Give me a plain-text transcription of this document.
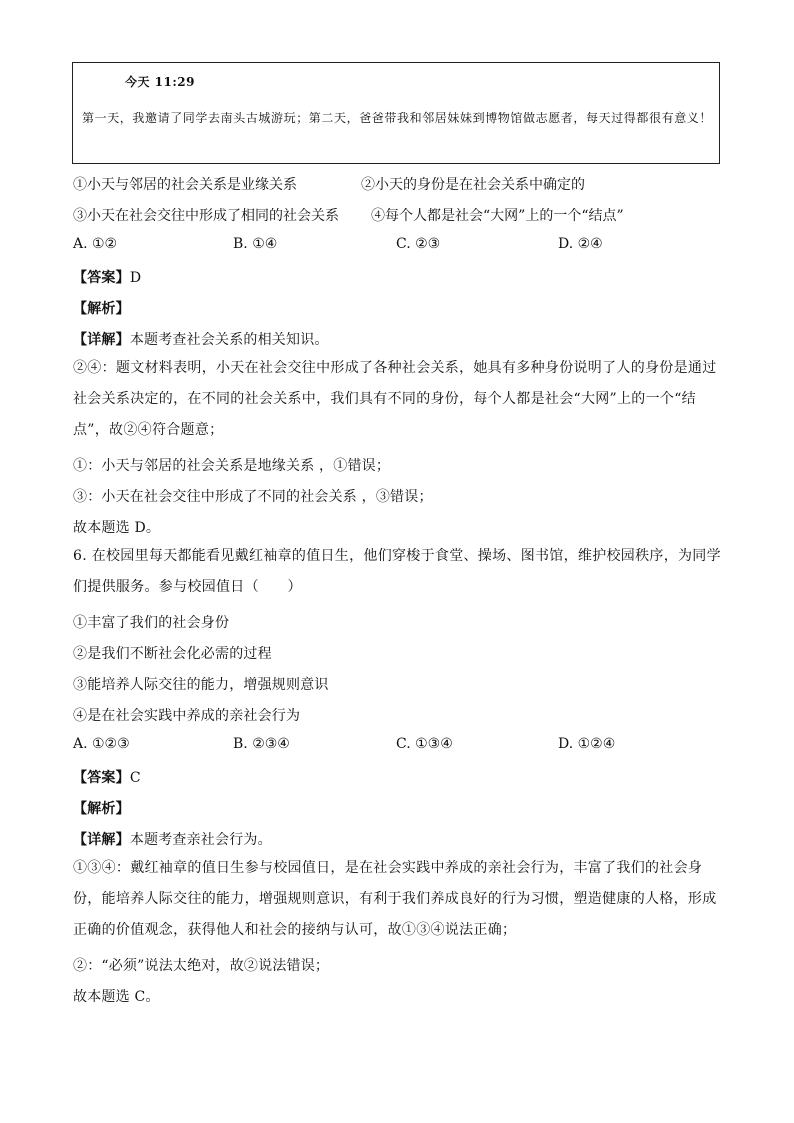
今天 11:29
第一天，我邀请了同学去南头古城游玩；第二天，爸爸带我和邻居妹妹到博物馆做志愿者，每天过得都很有意义！
①小天与邻居的社会关系是业缘关系	②小天的身份是在社会关系中确定的
③小天在社会交往中形成了相同的社会关系 ④每个人都是社会“大网”上的一个“结点”
A. ①②	B. ①④	C. ②③	D. ②④
【答案】D
【解析】
【详解】本题考查社会关系的相关知识。
②④：题文材料表明，小天在社会交往中形成了各种社会关系，她具有多种身份说明了人的身份是通过社会关系决定的，在不同的社会关系中，我们具有不同的身份，每个人都是社会“大网”上的一个“结点”，故②④符合题意；
①：小天与邻居的社会关系是地缘关系 ，①错误；
③：小天在社会交往中形成了不同的社会关系 ，③错误；
故本题选 D。
6. 在校园里每天都能看见戴红袖章的值日生，他们穿梭于食堂、操场、图书馆，维护校园秩序，为同学们提供服务。参与校园值日（　　）
①丰富了我们的社会身份
②是我们不断社会化必需的过程
③能培养人际交往的能力，增强规则意识
④是在社会实践中养成的亲社会行为
A. ①②③	B. ②③④	C. ①③④	D. ①②④
【答案】C
【解析】
【详解】本题考查亲社会行为。
①③④：戴红袖章的值日生参与校园值日，是在社会实践中养成的亲社会行为，丰富了我们的社会身份，能培养人际交往的能力，增强规则意识，有利于我们养成良好的行为习惯，塑造健康的人格，形成正确的价值观念，获得他人和社会的接纳与认可，故①③④说法正确；
②：“必须”说法太绝对，故②说法错误；
故本题选 C。
